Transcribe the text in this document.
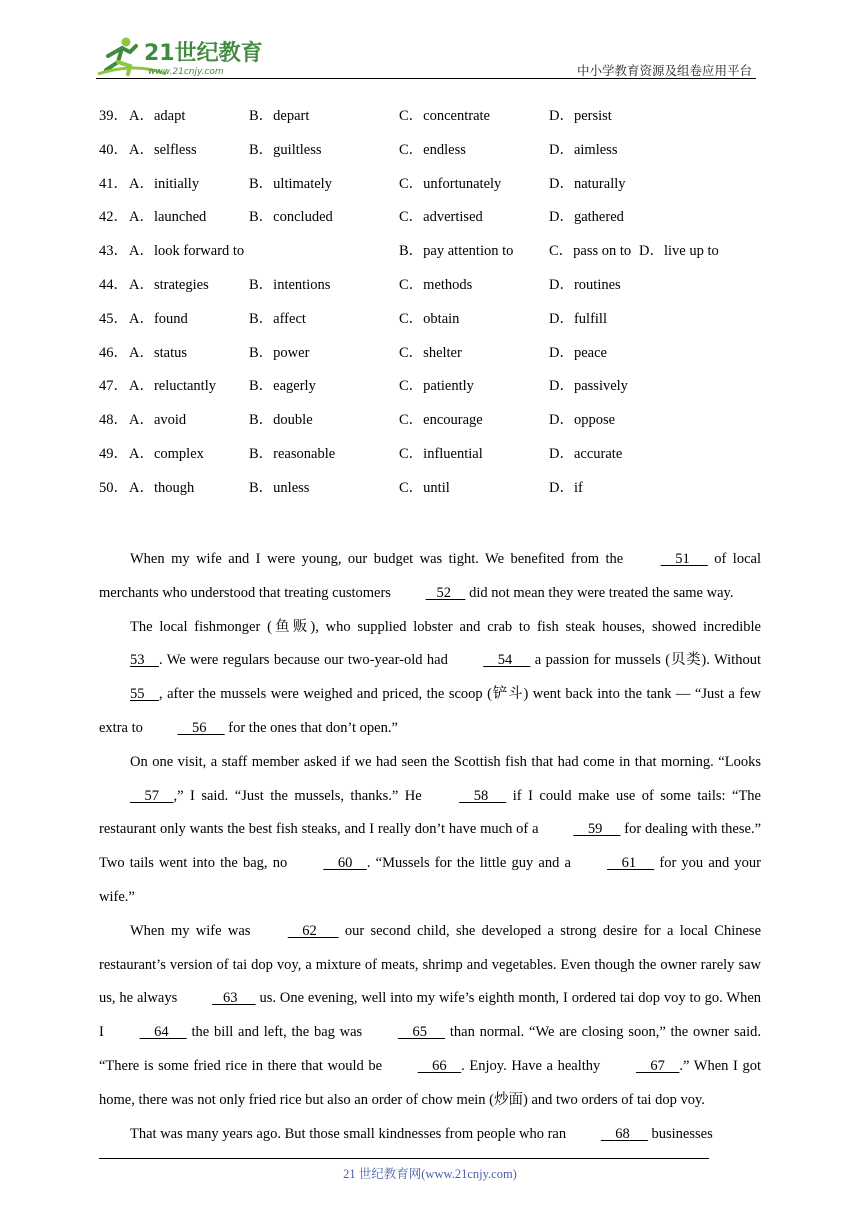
21世纪教育
www.21cnjy.com	中小学教育资源及组卷应用平台
39． A．adapt	B．depart	C．concentrate	D．persist
40． A．selfless	B．guiltless	C．endless	D．aimless
41． A．initially	B．ultimately	C．unfortunately	D．naturally
42． A．launched	B．concluded	C．advertised	D．gathered
43． A．look forward to	B．pay attention to C．pass on to D．live up to
44． A．strategies	B．intentions	C．methods	D．routines
45． A．found	B．affect	C．obtain	D．fulfill
46． A．status	B．power	C．shelter	D．peace
47． A．reluctantly B．eagerly	C．patiently	D．passively
48． A．avoid	B．double	C．encourage	D．oppose
49． A．complex	B．reasonable	C．influential	D．accurate
50． A．though	B．unless	C．until	D．if

When my wife and I were young, our budget was tight. We benefited from the	51      of local merchants who understood that treating customers	52     did not mean they were treated the same way.

The local fishmonger (鱼贩), who supplied lobster and crab to fish steak houses, showed incredible 53 . We were regulars because our two-year-old had	54      a passion for mussels (贝类). Without 55 , after the mussels were weighed and priced, the scoop (铲斗) went back into the tank — “Just a few extra to	56      for the ones that don’t open.”

On one visit, a staff member asked if we had seen the Scottish fish that had come in that morning. “Looks     57 ,” I said. “Just the mussels, thanks.” He	58      if I could make use of some tails: “The restaurant only wants the best fish steaks, and I really don’t have much of a	59      for dealing with these.” Two tails went into the bag, no	60 . “Mussels for the little guy and a	61      for you and your wife.”

When my wife was	62       our second child, she developed a strong desire for a local Chinese restaurant’s version of tai dop voy, a mixture of meats, shrimp and vegetables. Even though the owner rarely saw us, he always	63      us. One evening, well into my wife’s eighth month, I ordered tai dop voy to go. When I	64      the bill and left, the bag was	65      than normal. “We are closing soon,” the owner said. “There is some fried rice in there that would be	66 . Enjoy. Have a healthy	67 .” When I got home, there was not only fried rice but also an order of chow mein (炒面) and two orders of tai dop voy.

That was many years ago. But those small kindnesses from people who ran	68      businesses

21 世纪教育网(www.21cnjy.com)
